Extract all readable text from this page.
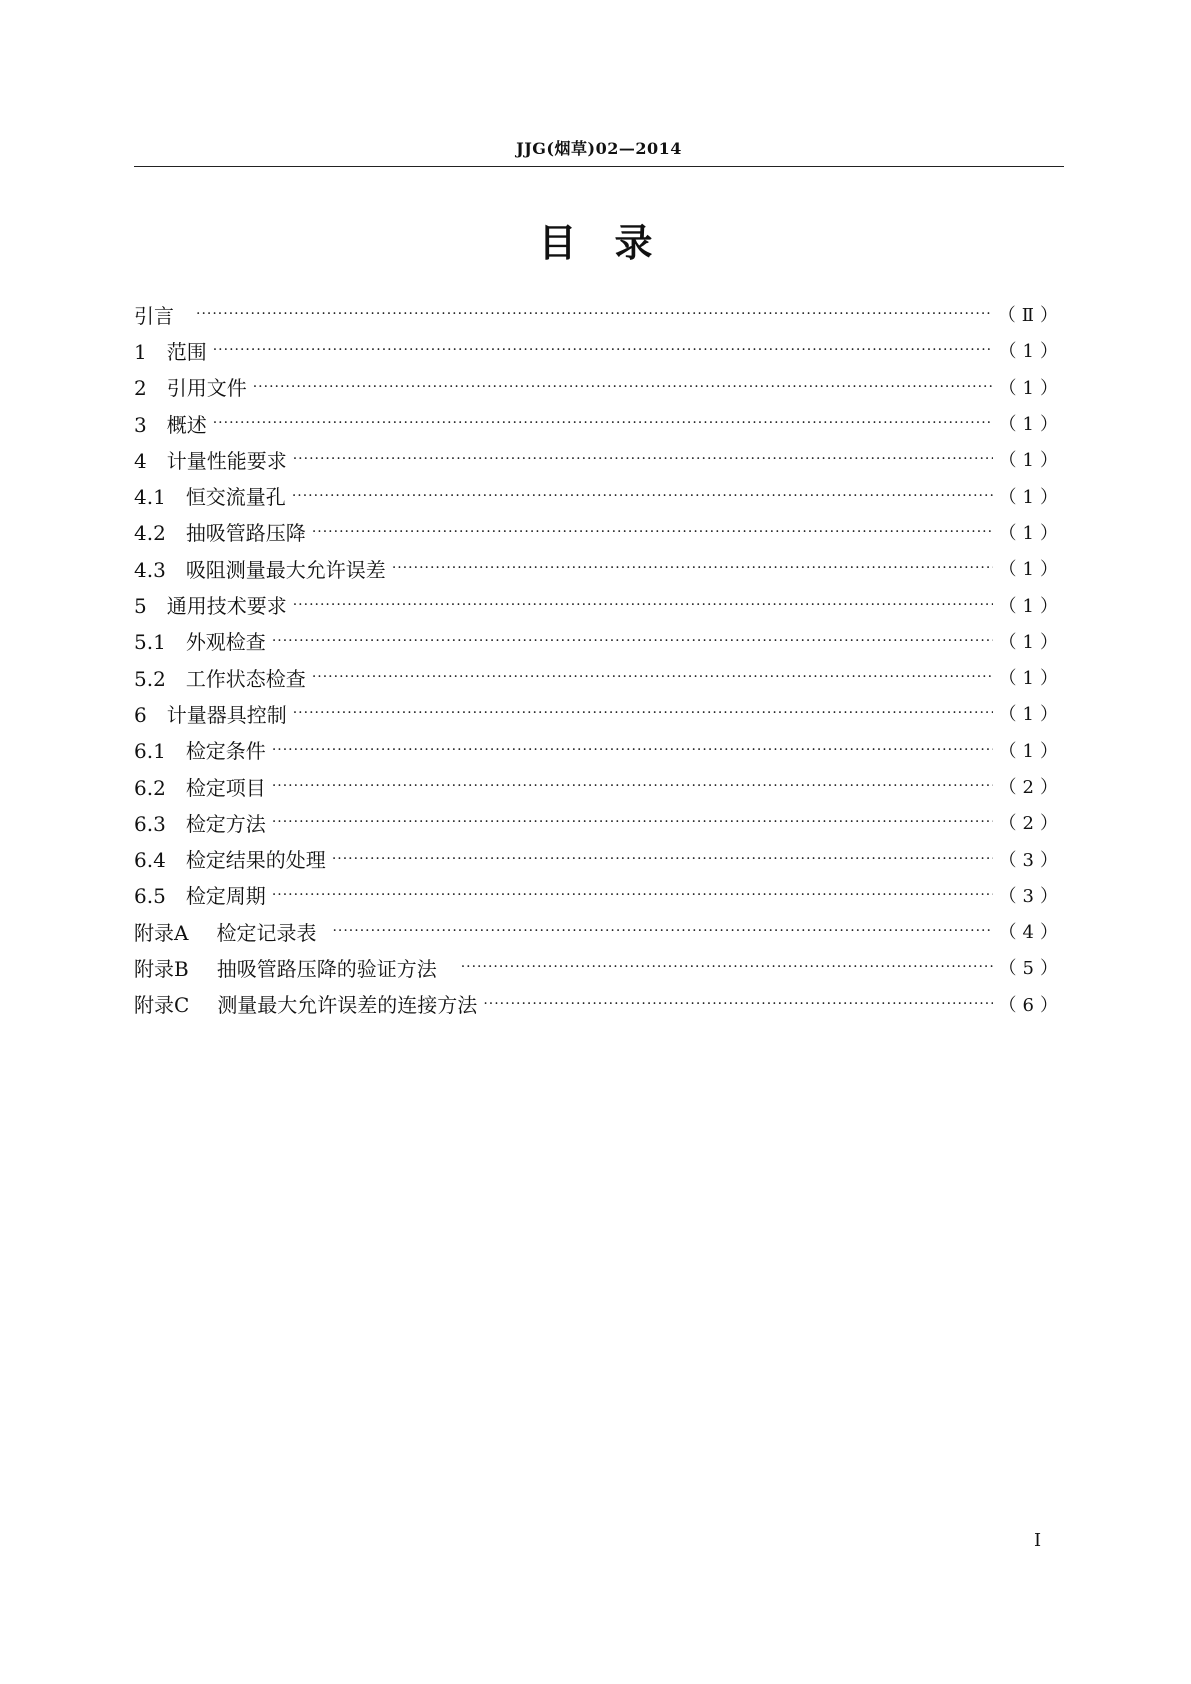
JJG(烟草)02—2014
目　录
引言 ·····	（Ⅱ）
1 范围 ·····	（1）
2 引用文件 ·····	（1）
3 概述 ·····	（1）
4 计量性能要求 ·····	（1）
4.1 恒交流量孔 ·····	（1）
4.2 抽吸管路压降 ·····	（1）
4.3 吸阻测量最大允许误差 ·····	（1）
5 通用技术要求 ·····	（1）
5.1 外观检查 ·····	（1）
5.2 工作状态检查 ·····	（1）
6 计量器具控制 ·····	（1）
6.1 检定条件 ·····	（1）
6.2 检定项目 ·····	（2）
6.3 检定方法 ·····	（2）
6.4 检定结果的处理 ·····	（3）
6.5 检定周期 ·····	（3）
附录A 检定记录表 ·····	（4）
附录B 抽吸管路压降的验证方法 ·····	（5）
附录C 测量最大允许误差的连接方法 ·····	（6）
I
